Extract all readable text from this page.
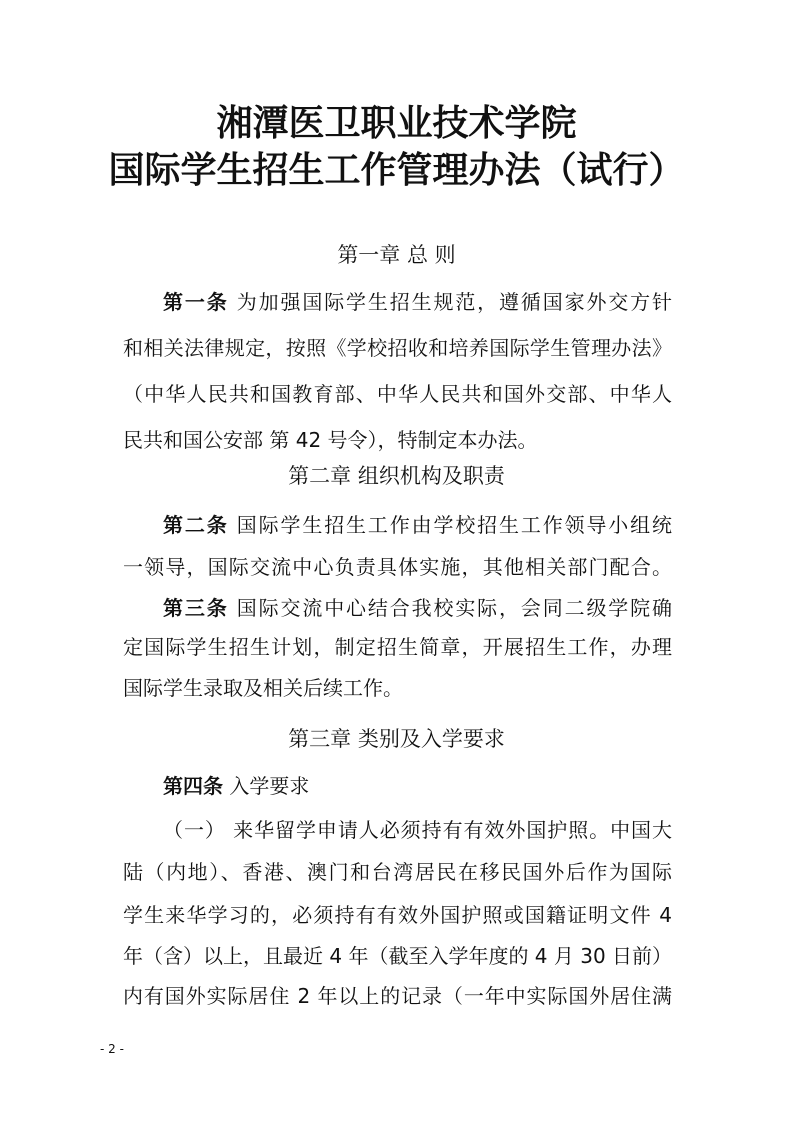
湘潭医卫职业技术学院
国际学生招生工作管理办法（试行）
第一章 总 则
第一条 为加强国际学生招生规范，遵循国家外交方针
和相关法律规定，按照《学校招收和培养国际学生管理办法》
（中华人民共和国教育部、中华人民共和国外交部、中华人
民共和国公安部 第 42 号令），特制定本办法。
第二章 组织机构及职责
第二条 国际学生招生工作由学校招生工作领导小组统
一领导，国际交流中心负责具体实施，其他相关部门配合。
第三条 国际交流中心结合我校实际，会同二级学院确
定国际学生招生计划，制定招生简章，开展招生工作，办理
国际学生录取及相关后续工作。
第三章 类别及入学要求
第四条 入学要求
（一） 来华留学申请人必须持有有效外国护照。中国大
陆（内地）、香港、澳门和台湾居民在移民国外后作为国际
学生来华学习的，必须持有有效外国护照或国籍证明文件 4
年（含）以上，且最近 4 年（截至入学年度的 4 月 30 日前）
内有国外实际居住 2 年以上的记录（一年中实际国外居住满
- 2 -
